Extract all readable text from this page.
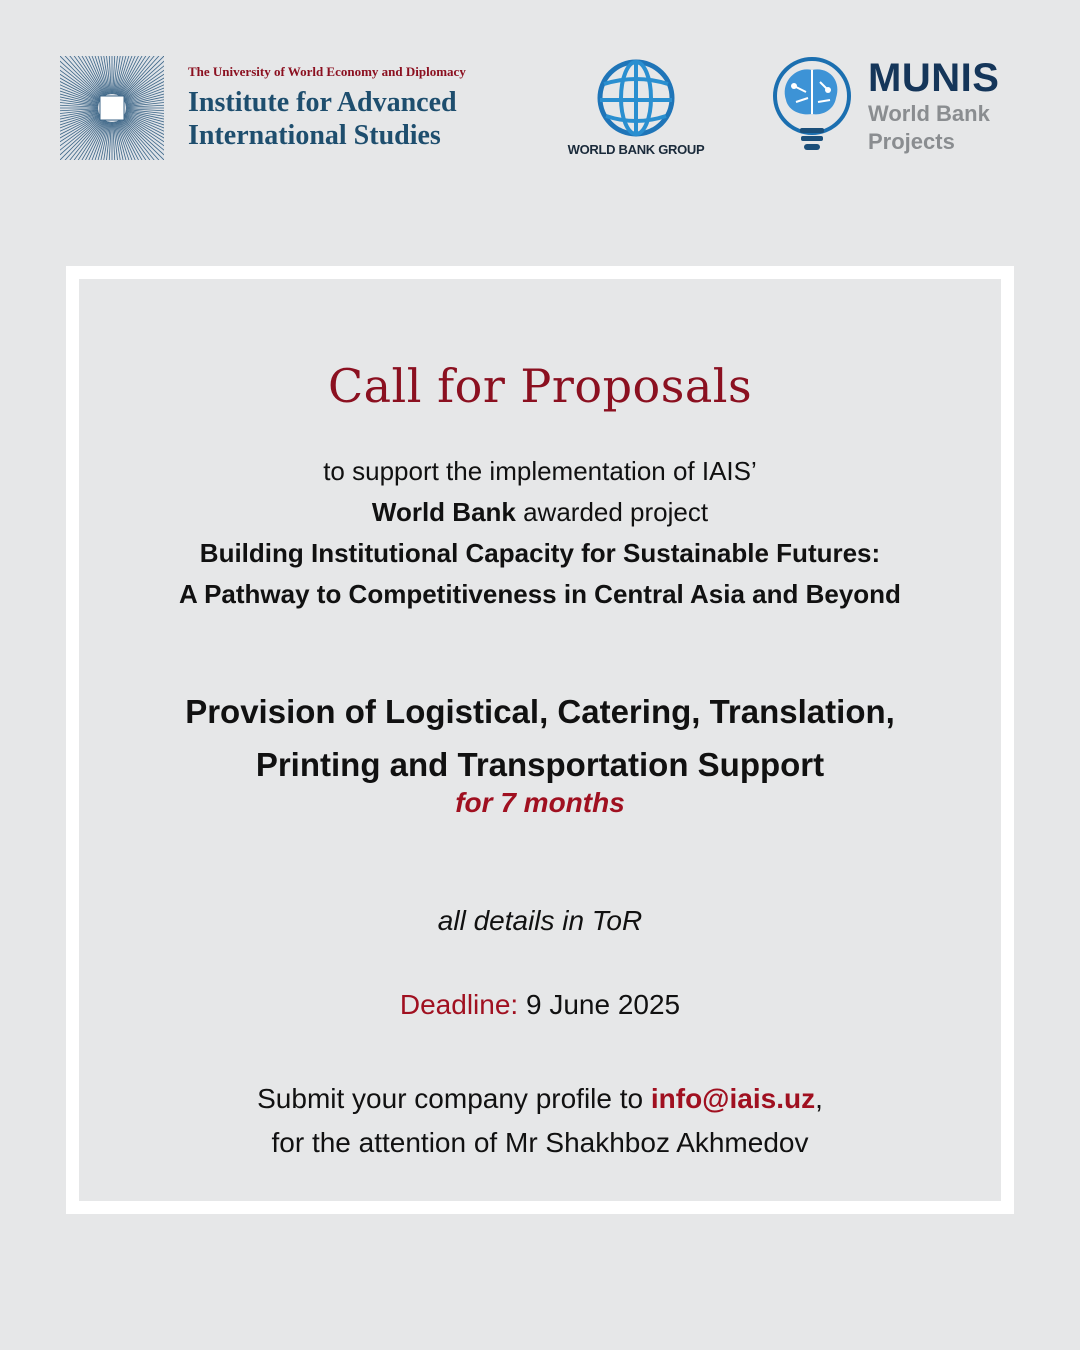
The University of World Economy and Diplomacy
Institute for Advanced
International Studies	WORLD BANK GROUP
MUNIS
World Bank
Projects
Call for Proposals
to support the implementation of IAIS’
World Bank awarded project
Building Institutional Capacity for Sustainable Futures:
A Pathway to Competitiveness in Central Asia and Beyond
Provision of Logistical, Catering, Translation,
Printing and Transportation Support
for 7 months
all details in ToR
Deadline: 9 June 2025
Submit your company profile to info@iais.uz,
for the attention of Mr Shakhboz Akhmedov
